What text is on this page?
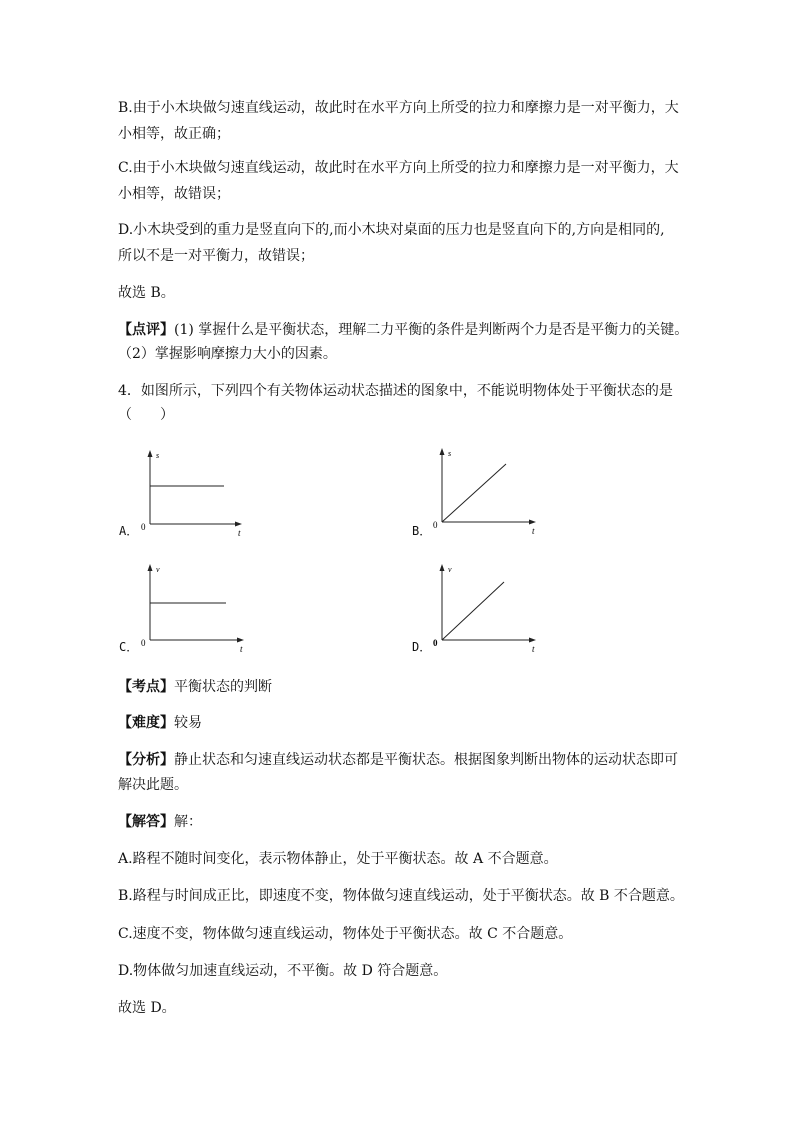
B.由于小木块做匀速直线运动，故此时在水平方向上所受的拉力和摩擦力是一对平衡力，大
小相等，故正确；
C.由于小木块做匀速直线运动，故此时在水平方向上所受的拉力和摩擦力是一对平衡力，大
小相等，故错误；
D.小木块受到的重力是竖直向下的,而小木块对桌面的压力也是竖直向下的,方向是相同的,
所以不是一对平衡力，故错误；
故选 B。
【点评】(1) 掌握什么是平衡状态，理解二力平衡的条件是判断两个力是否是平衡力的关键。
（2）掌握影响摩擦力大小的因素。
4．如图所示，下列四个有关物体运动状态描述的图象中，不能说明物体处于平衡状态的是
（　　）
A．
s
t
0	B．
s
t
0
C．
v
t
0	D．
v
t
0
【考点】平衡状态的判断
【难度】较易
【分析】静止状态和匀速直线运动状态都是平衡状态。根据图象判断出物体的运动状态即可
解决此题。
【解答】解：
A.路程不随时间变化，表示物体静止，处于平衡状态。故 A 不合题意。
B.路程与时间成正比，即速度不变，物体做匀速直线运动，处于平衡状态。故 B 不合题意。
C.速度不变，物体做匀速直线运动，物体处于平衡状态。故 C 不合题意。
D.物体做匀加速直线运动，不平衡。故 D 符合题意。
故选 D。
